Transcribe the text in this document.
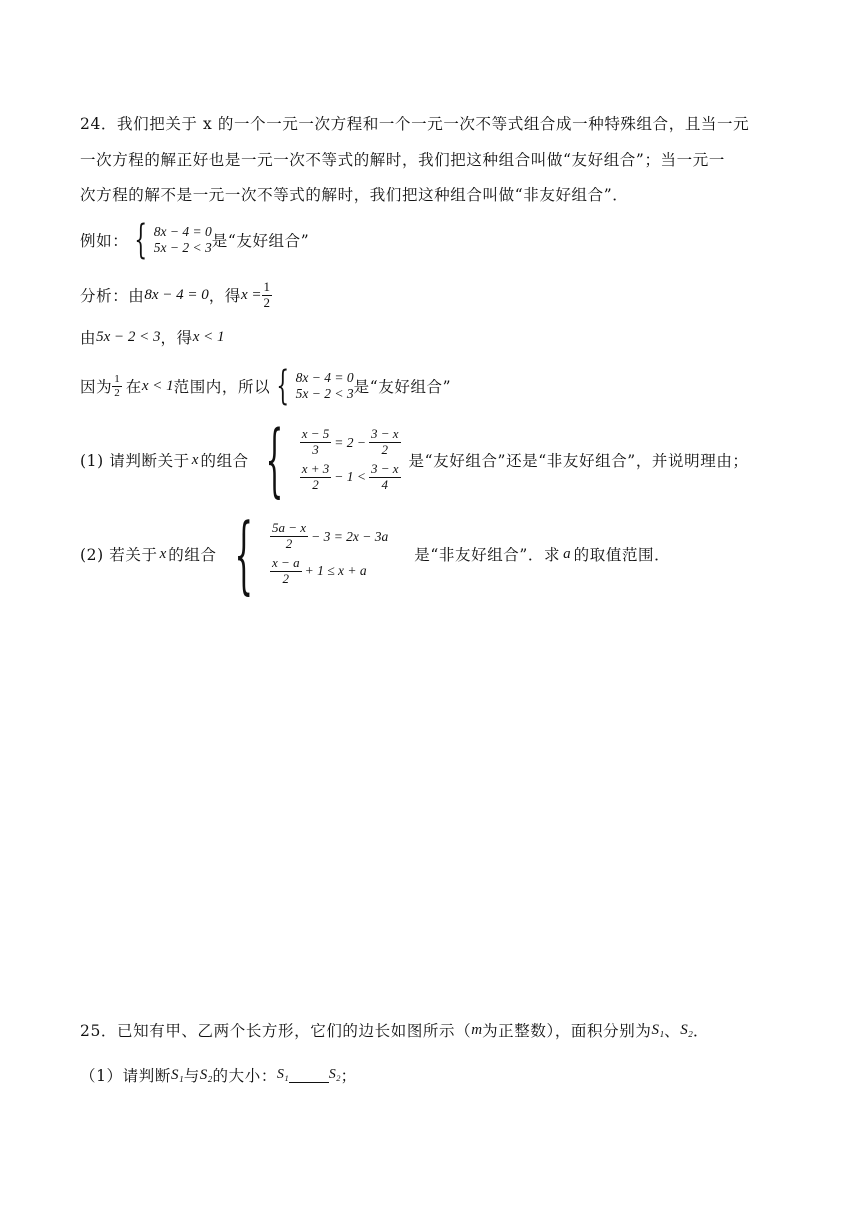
24．我们把关于 x 的一个一元一次方程和一个一元一次不等式组合成一种特殊组合，且当一元
一次方程的解正好也是一元一次不等式的解时，我们把这种组合叫做“友好组合”；当一元一
次方程的解不是一元一次不等式的解时，我们把这种组合叫做“非友好组合”．
例如： { 8x − 4 = 0
5x − 2 < 3 是“友好组合”
分析：由 8x − 4 = 0 ，得 $x = \frac{1}{2}$
由 5x − 2 < 3 ，得 x < 1
因为 $\frac{1}{2}$ 在 x < 1 范围内，所以 { 8x − 4 = 0
5x − 2 < 3 是“友好组合”
(1) 请判断关于 x 的组合 { $\frac{x - 5}{3} = 2 - \frac{3 - x}{2}$
$\frac{x + 3}{2} - 1 < \frac{3 - x}{4}$
是“友好组合”还是“非友好组合”，并说明理由；
(2) 若关于 x 的组合 { $\frac{5a - x}{2} - 3 = 2x - 3a$
$\frac{x - a}{2} + 1 \le x + a$
是“非友好组合”．求 a 的取值范围．
25．已知有甲、乙两个长方形，它们的边长如图所示（ m 为正整数），面积分别为 S₁ 、 S₂ ．
（1）请判断 S₁ 与 S₂ 的大小： S₁	S₂ ；
